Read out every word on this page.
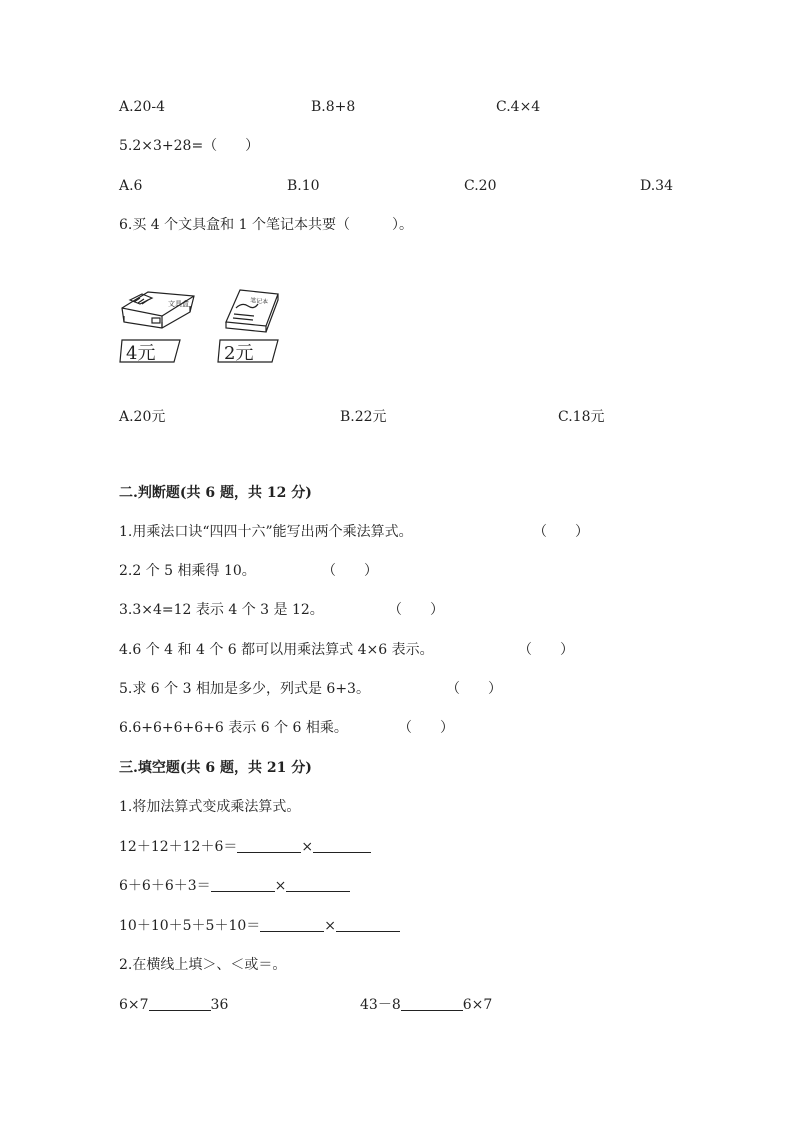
A.20-4	B.8+8	C.4×4
5.2×3+28=（　　）
A.6	B.10	C.20	D.34
6.买 4 个文具盒和 1 个笔记本共要（　　　）。
文具盒
4元
笔记本
2元
A.20元	B.22元	C.18元
二.判断题(共 6 题，共 12 分)
1.用乘法口诀“四四十六”能写出两个乘法算式。	（　　）
2.2 个 5 相乘得 10。	（　　）
3.3×4=12 表示 4 个 3 是 12。	（　　）
4.6 个 4 和 4 个 6 都可以用乘法算式 4×6 表示。	（　　）
5.求 6 个 3 相加是多少，列式是 6+3。	（　　）
6.6+6+6+6+6 表示 6 个 6 相乘。	（　　）
三.填空题(共 6 题，共 21 分)
1.将加法算式变成乘法算式。
12＋12＋12＋6＝	×
6＋6＋6＋3＝	×
10＋10＋5＋5＋10＝	×
2.在横线上填＞、＜或＝。
6×7	36	43－8	6×7
